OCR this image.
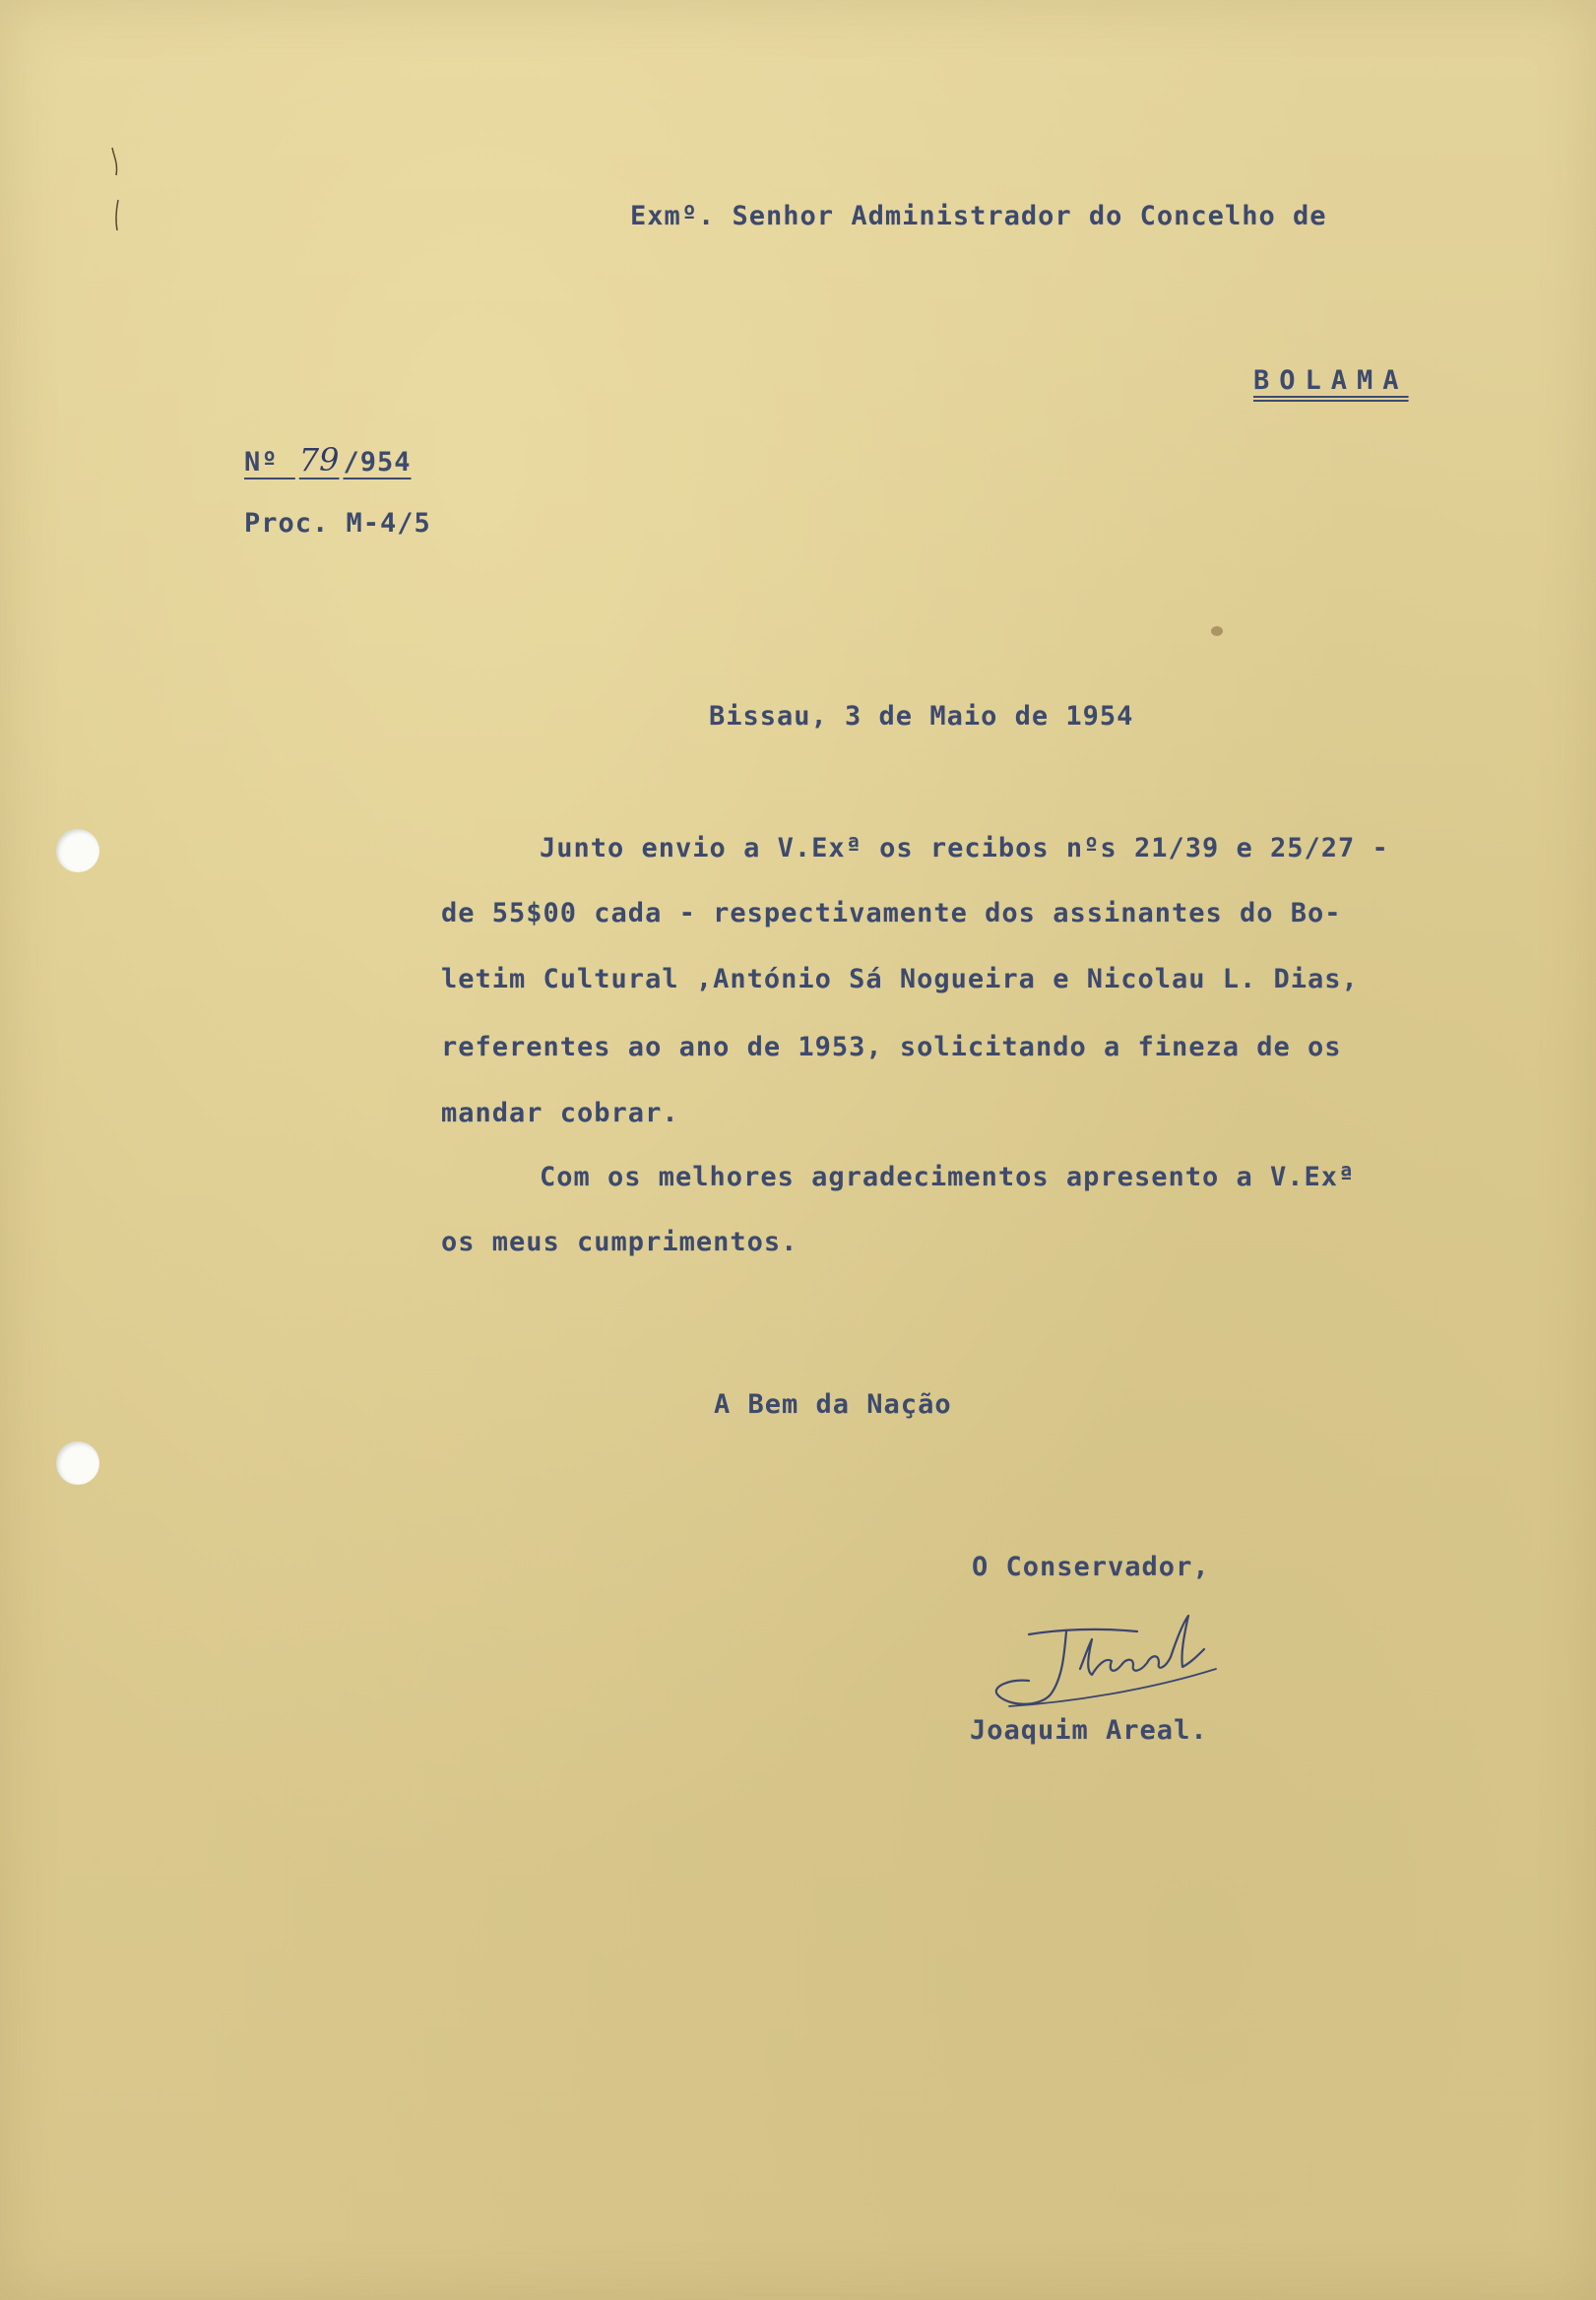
Exmº. Senhor Administrador do Concelho de

BOLAMA

Nº 79 /954

Proc. M-4/5

Bissau, 3 de Maio de 1954

Junto envio a V.Exª os recibos nºs 21/39 e 25/27 -

de 55$00 cada - respectivamente dos assinantes do Bo-

letim Cultural ,António Sá Nogueira e Nicolau L. Dias,

referentes ao ano de 1953, solicitando a fineza de os

mandar cobrar.

Com os melhores agradecimentos apresento a V.Exª

os meus cumprimentos.

A Bem da Nação

O Conservador,

Joaquim Areal.
